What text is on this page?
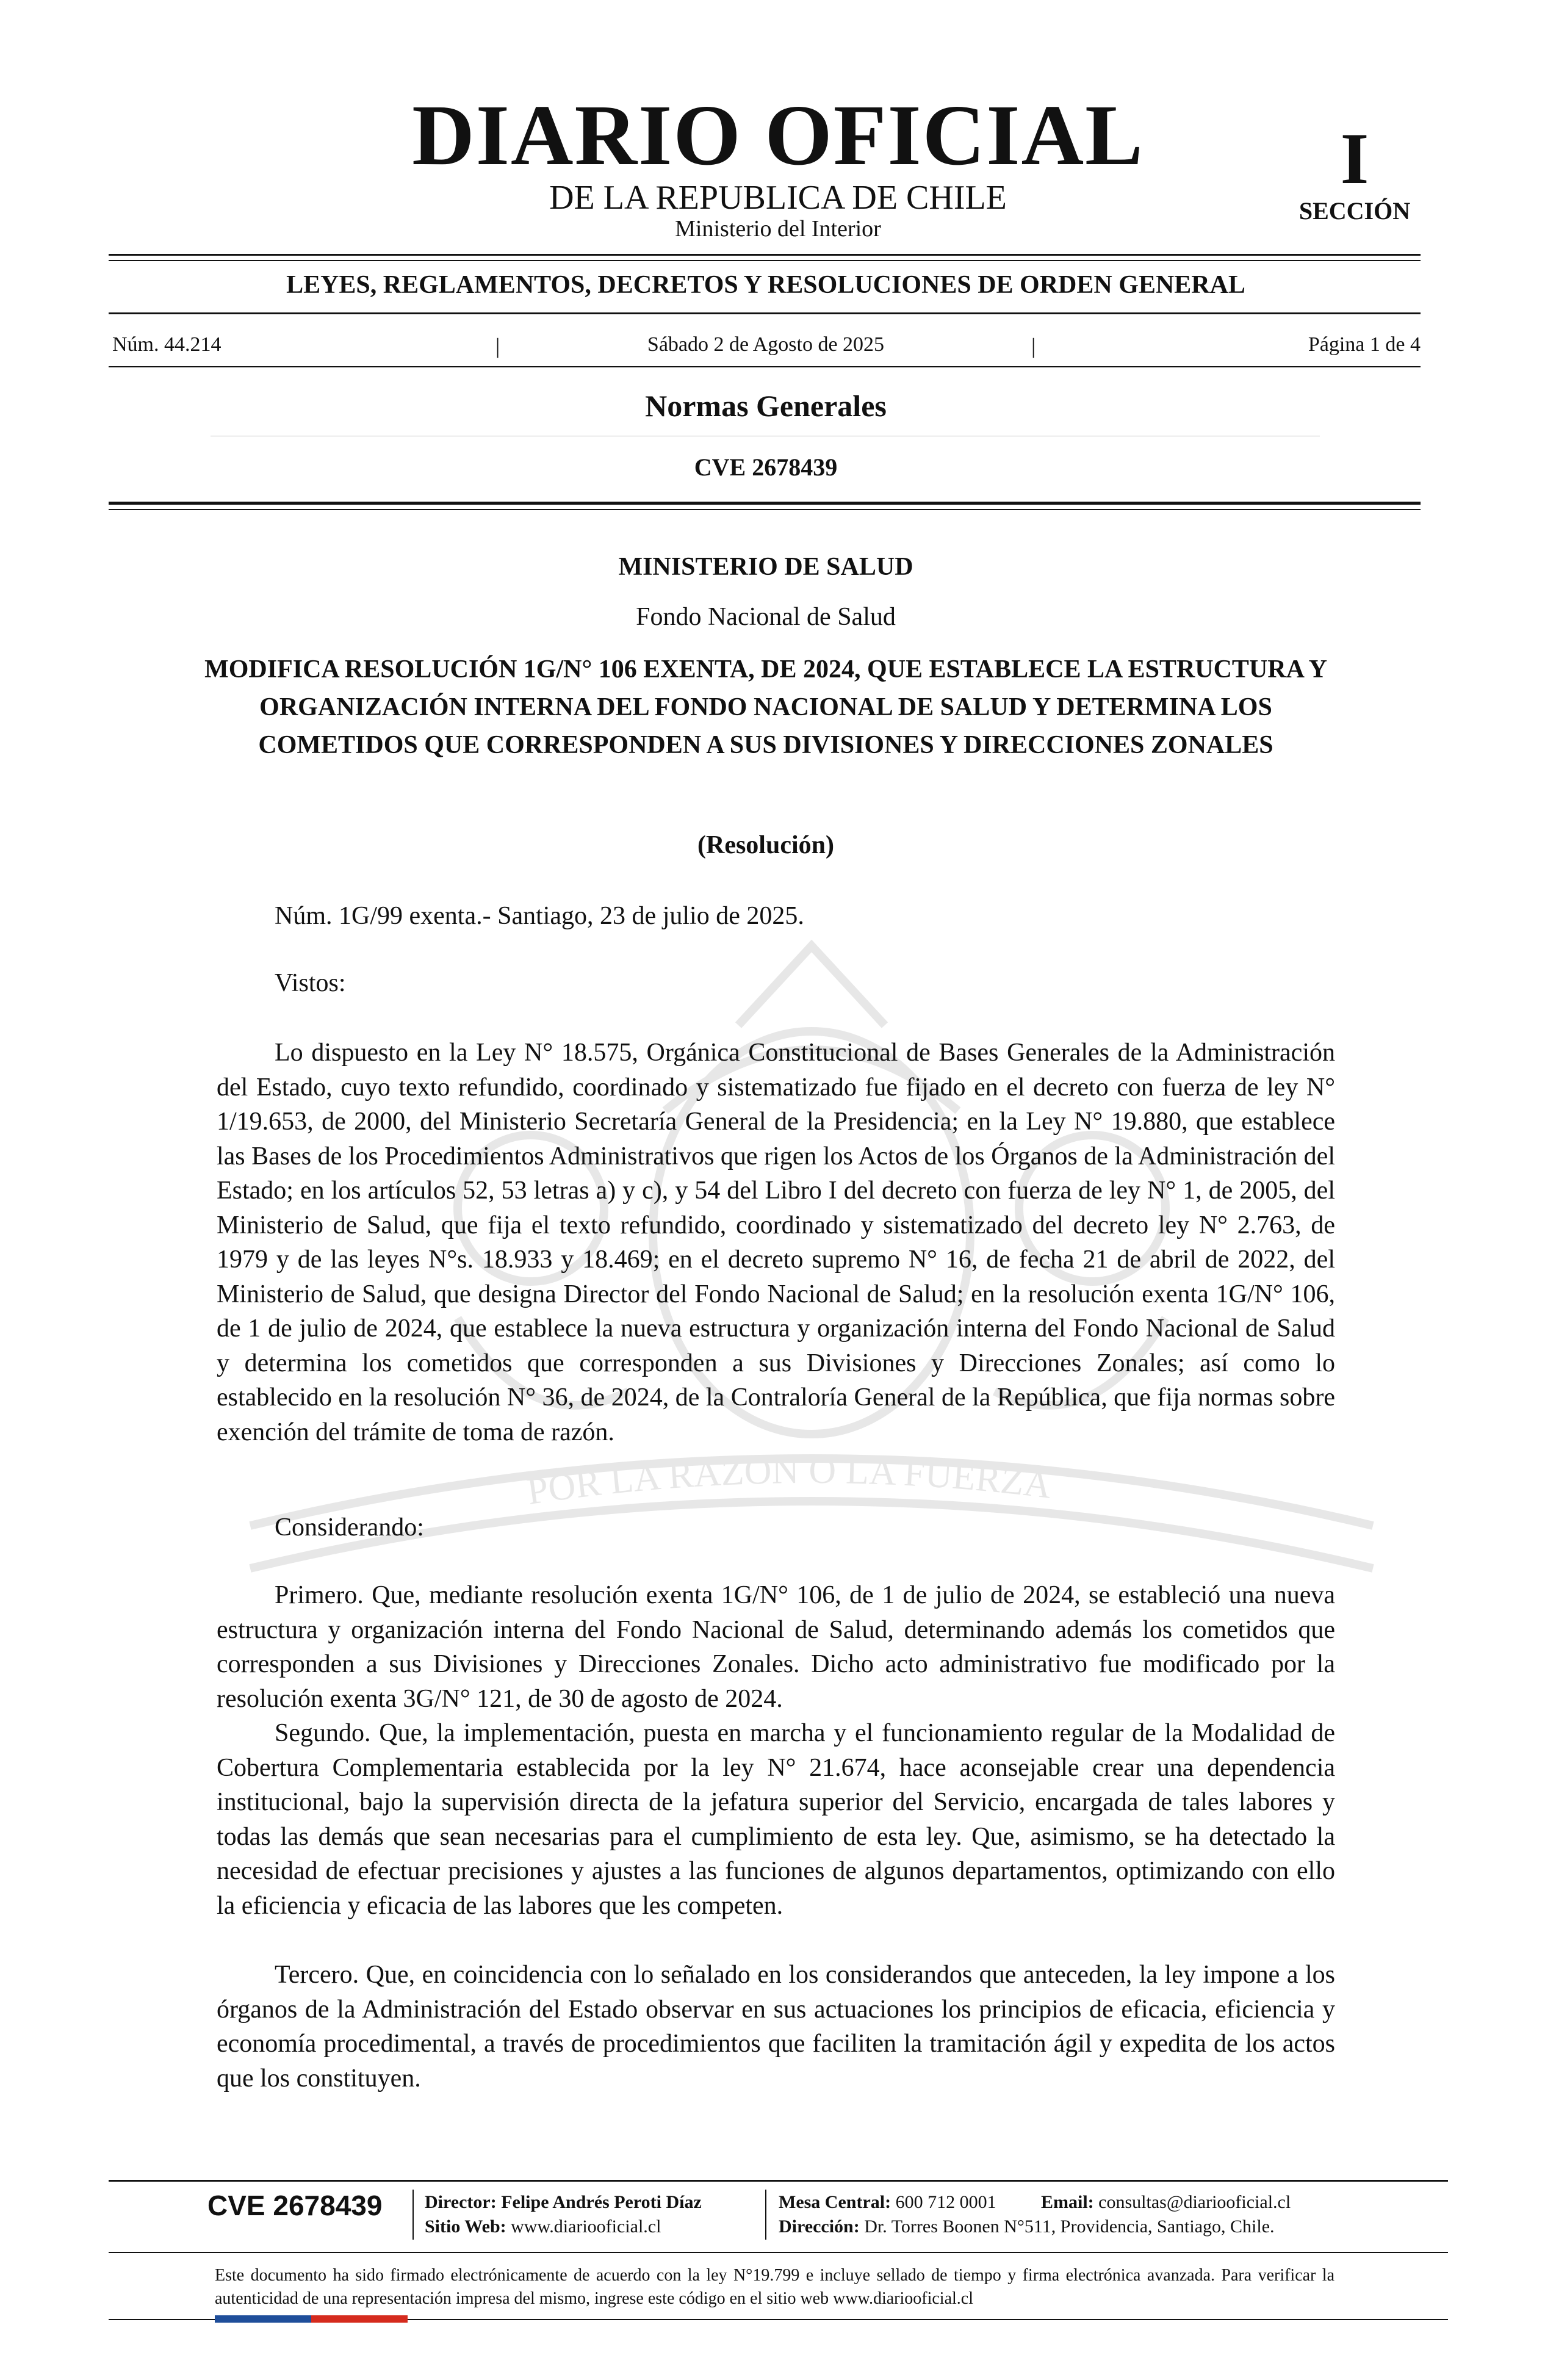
DIARIO OFICIAL
DE LA REPUBLICA DE CHILE
Ministerio del Interior
I
SECCIÓN
LEYES, REGLAMENTOS, DECRETOS Y RESOLUCIONES DE ORDEN GENERAL
Núm. 44.214	|	Sábado 2 de Agosto de 2025	|	Página 1 de 4
Normas Generales
CVE 2678439
POR LA RAZON O LA FUERZA
MINISTERIO DE SALUD
Fondo Nacional de Salud
MODIFICA RESOLUCIÓN 1G/N° 106 EXENTA, DE 2024, QUE ESTABLECE LA ESTRUCTURA Y ORGANIZACIÓN INTERNA DEL FONDO NACIONAL DE SALUD Y DETERMINA LOS COMETIDOS QUE CORRESPONDEN A SUS DIVISIONES Y DIRECCIONES ZONALES
(Resolución)
Núm. 1G/99 exenta.- Santiago, 23 de julio de 2025.
Vistos:
Lo dispuesto en la Ley N° 18.575, Orgánica Constitucional de Bases Generales de la Administración del Estado, cuyo texto refundido, coordinado y sistematizado fue fijado en el decreto con fuerza de ley N° 1/19.653, de 2000, del Ministerio Secretaría General de la Presidencia; en la Ley N° 19.880, que establece las Bases de los Procedimientos Administrativos que rigen los Actos de los Órganos de la Administración del Estado; en los artículos 52, 53 letras a) y c), y 54 del Libro I del decreto con fuerza de ley N° 1, de 2005, del Ministerio de Salud, que fija el texto refundido, coordinado y sistematizado del decreto ley N° 2.763, de 1979 y de las leyes N°s. 18.933 y 18.469; en el decreto supremo N° 16, de fecha 21 de abril de 2022, del Ministerio de Salud, que designa Director del Fondo Nacional de Salud; en la resolución exenta 1G/N° 106, de 1 de julio de 2024, que establece la nueva estructura y organización interna del Fondo Nacional de Salud y determina los cometidos que corresponden a sus Divisiones y Direcciones Zonales; así como lo establecido en la resolución N° 36, de 2024, de la Contraloría General de la República, que fija normas sobre exención del trámite de toma de razón.
Considerando:
Primero. Que, mediante resolución exenta 1G/N° 106, de 1 de julio de 2024, se estableció una nueva estructura y organización interna del Fondo Nacional de Salud, determinando además los cometidos que corresponden a sus Divisiones y Direcciones Zonales. Dicho acto administrativo fue modificado por la resolución exenta 3G/N° 121, de 30 de agosto de 2024.
Segundo. Que, la implementación, puesta en marcha y el funcionamiento regular de la Modalidad de Cobertura Complementaria establecida por la ley N° 21.674, hace aconsejable crear una dependencia institucional, bajo la supervisión directa de la jefatura superior del Servicio, encargada de tales labores y todas las demás que sean necesarias para el cumplimiento de esta ley. Que, asimismo, se ha detectado la necesidad de efectuar precisiones y ajustes a las funciones de algunos departamentos, optimizando con ello la eficiencia y eficacia de las labores que les competen.
Tercero. Que, en coincidencia con lo señalado en los considerandos que anteceden, la ley impone a los órganos de la Administración del Estado observar en sus actuaciones los principios de eficacia, eficiencia y economía procedimental, a través de procedimientos que faciliten la tramitación ágil y expedita de los actos que los constituyen.
CVE 2678439 Director: Felipe Andrés Peroti Díaz
Sitio Web: www.diariooficial.cl
Mesa Central: 600 712 0001 Email: consultas@diariooficial.cl
Dirección: Dr. Torres Boonen N°511, Providencia, Santiago, Chile.
Este documento ha sido firmado electrónicamente de acuerdo con la ley N°19.799 e incluye sellado de tiempo y firma electrónica avanzada. Para verificar la autenticidad de una representación impresa del mismo, ingrese este código en el sitio web www.diariooficial.cl
